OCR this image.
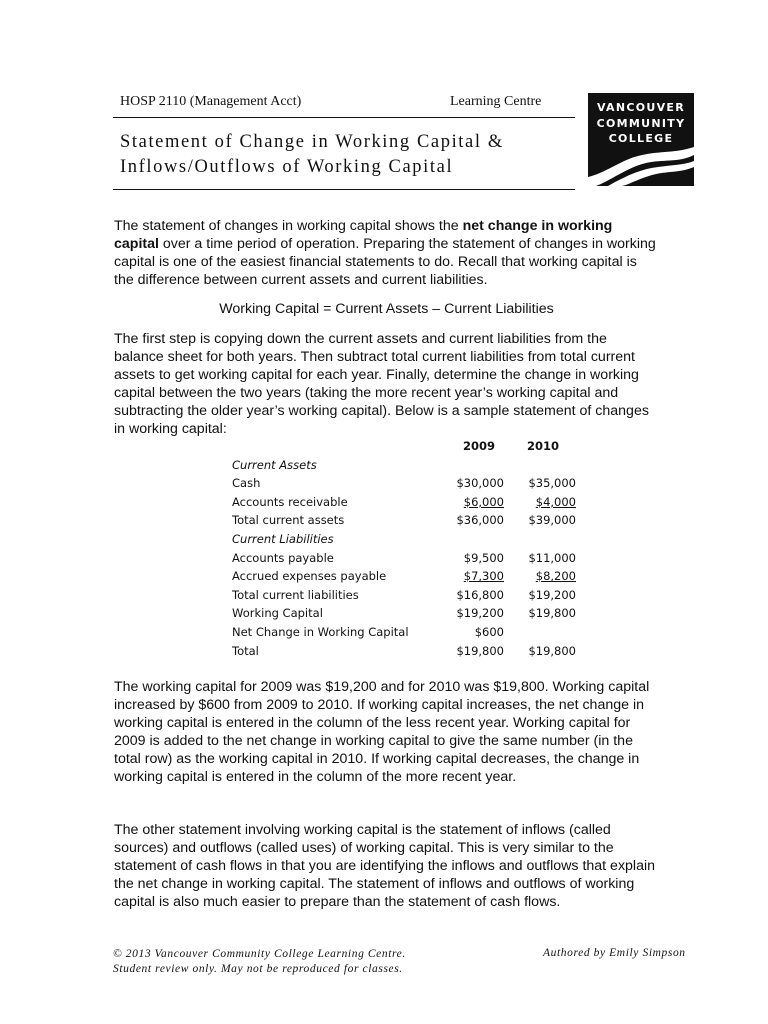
HOSP 2110 (Management Acct)	Learning Centre
Statement of Change in Working Capital &
Inflows/Outflows of Working Capital
VANCOUVER
COMMUNITY
COLLEGE

The statement of changes in working capital shows the net change in working capital over a time period of operation. Preparing the statement of changes in working capital is one of the easiest financial statements to do. Recall that working capital is the difference between current assets and current liabilities.

Working Capital = Current Assets – Current Liabilities

The first step is copying down the current assets and current liabilities from the balance sheet for both years. Then subtract total current liabilities from total current assets to get working capital for each year. Finally, determine the change in working capital between the two years (taking the more recent year’s working capital and subtracting the older year’s working capital). Below is a sample statement of changes in working capital:

2009	2010
Current Assets
Cash	$30,000 $35,000
Accounts receivable	$6,000	$4,000
Total current assets	$36,000 $39,000
Current Liabilities
Accounts payable	$9,500 $11,000
Accrued expenses payable	$7,300	$8,200
Total current liabilities	$16,800 $19,200
Working Capital	$19,200 $19,800
Net Change in Working Capital	$600
Total	$19,800 $19,800

The working capital for 2009 was $19,200 and for 2010 was $19,800. Working capital increased by $600 from 2009 to 2010. If working capital increases, the net change in working capital is entered in the column of the less recent year. Working capital for 2009 is added to the net change in working capital to give the same number (in the total row) as the working capital in 2010. If working capital decreases, the change in working capital is entered in the column of the more recent year.

The other statement involving working capital is the statement of inflows (called sources) and outflows (called uses) of working capital. This is very similar to the statement of cash flows in that you are identifying the inflows and outflows that explain the net change in working capital. The statement of inflows and outflows of working capital is also much easier to prepare than the statement of cash flows.

© 2013 Vancouver Community College Learning Centre.
Student review only. May not be reproduced for classes.
Authored by Emily Simpson
